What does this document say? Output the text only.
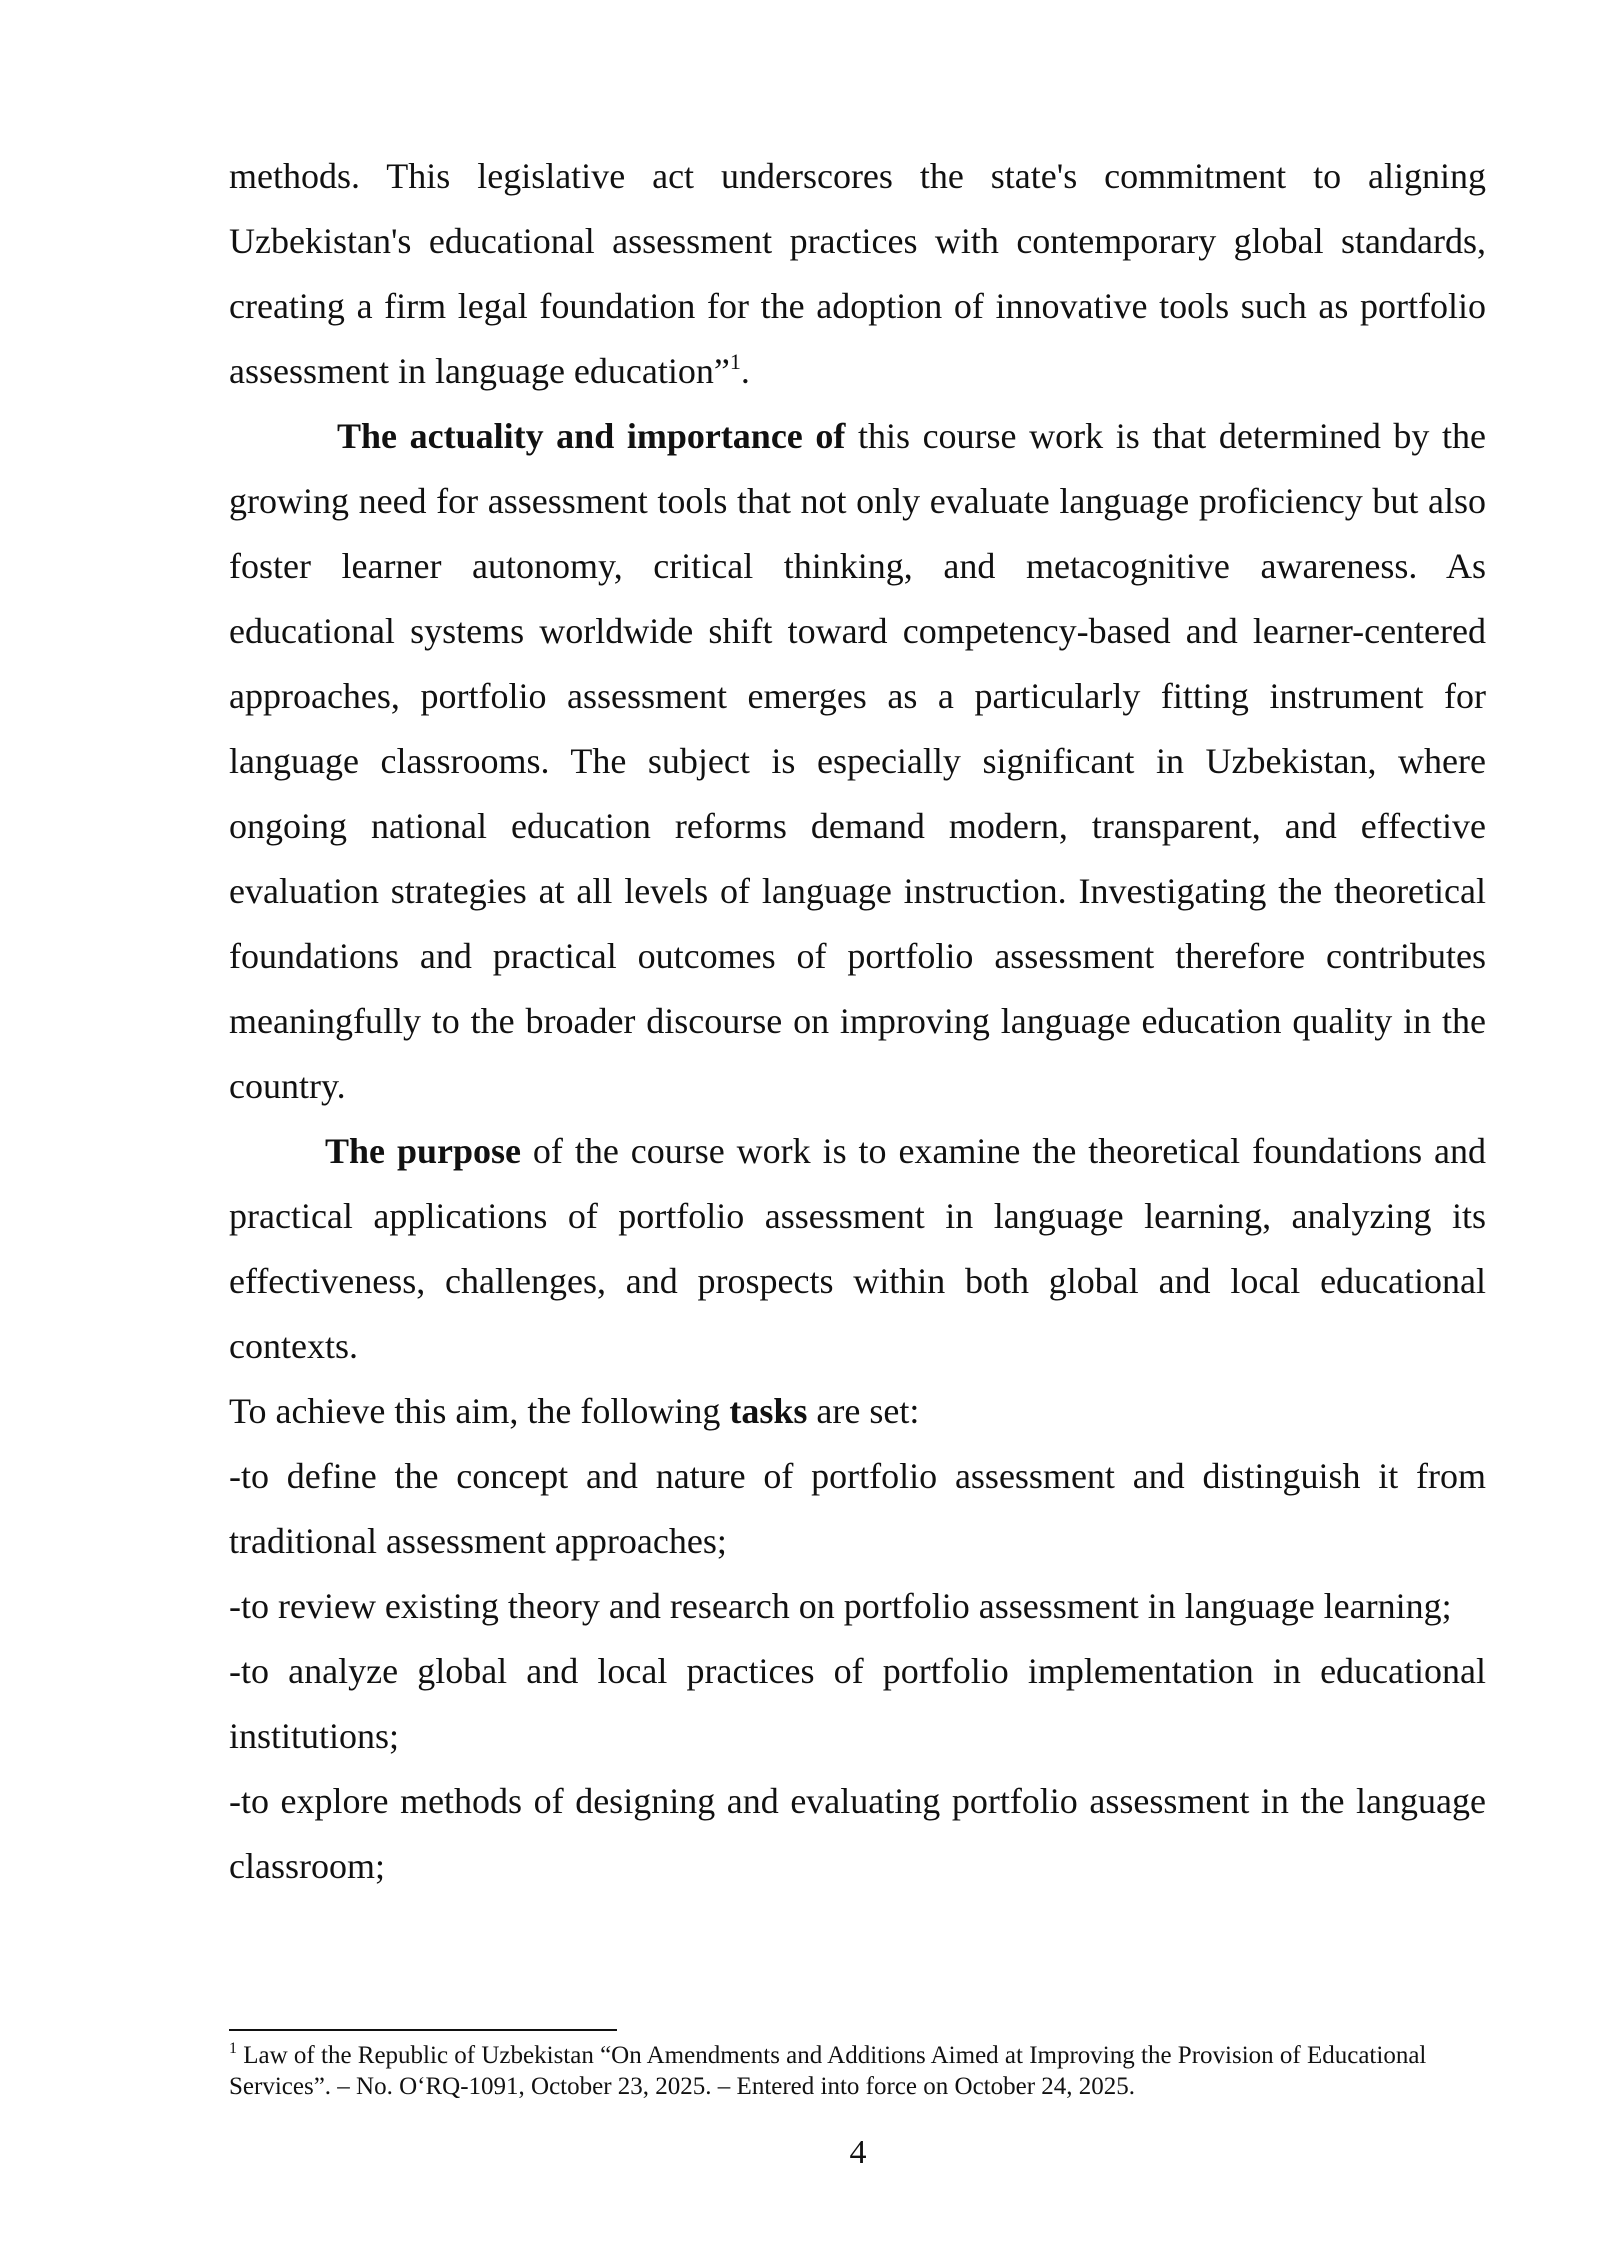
methods. This legislative act underscores the state's commitment to aligning Uzbekistan's educational assessment practices with contemporary global standards, creating a firm legal foundation for the adoption of innovative tools such as portfolio assessment in language education”$^1$.

The actuality and importance of this course work is that determined by the growing need for assessment tools that not only evaluate language proficiency but also foster learner autonomy, critical thinking, and metacognitive awareness. As educational systems worldwide shift toward competency-based and learner-centered approaches, portfolio assessment emerges as a particularly fitting instrument for language classrooms. The subject is especially significant in Uzbekistan, where ongoing national education reforms demand modern, transparent, and effective evaluation strategies at all levels of language instruction. Investigating the theoretical foundations and practical outcomes of portfolio assessment therefore contributes meaningfully to the broader discourse on improving language education quality in the country.

The purpose of the course work is to examine the theoretical foundations and practical applications of portfolio assessment in language learning, analyzing its effectiveness, challenges, and prospects within both global and local educational contexts.

To achieve this aim, the following tasks are set:

-to define the concept and nature of portfolio assessment and distinguish it from traditional assessment approaches;

-to review existing theory and research on portfolio assessment in language learning;

-to analyze global and local practices of portfolio implementation in educational institutions;

-to explore methods of designing and evaluating portfolio assessment in the language classroom;

$^1$ Law of the Republic of Uzbekistan “On Amendments and Additions Aimed at Improving the Provision of Educational Services”. – No. O‘RQ-1091, October 23, 2025. – Entered into force on October 24, 2025.

4
